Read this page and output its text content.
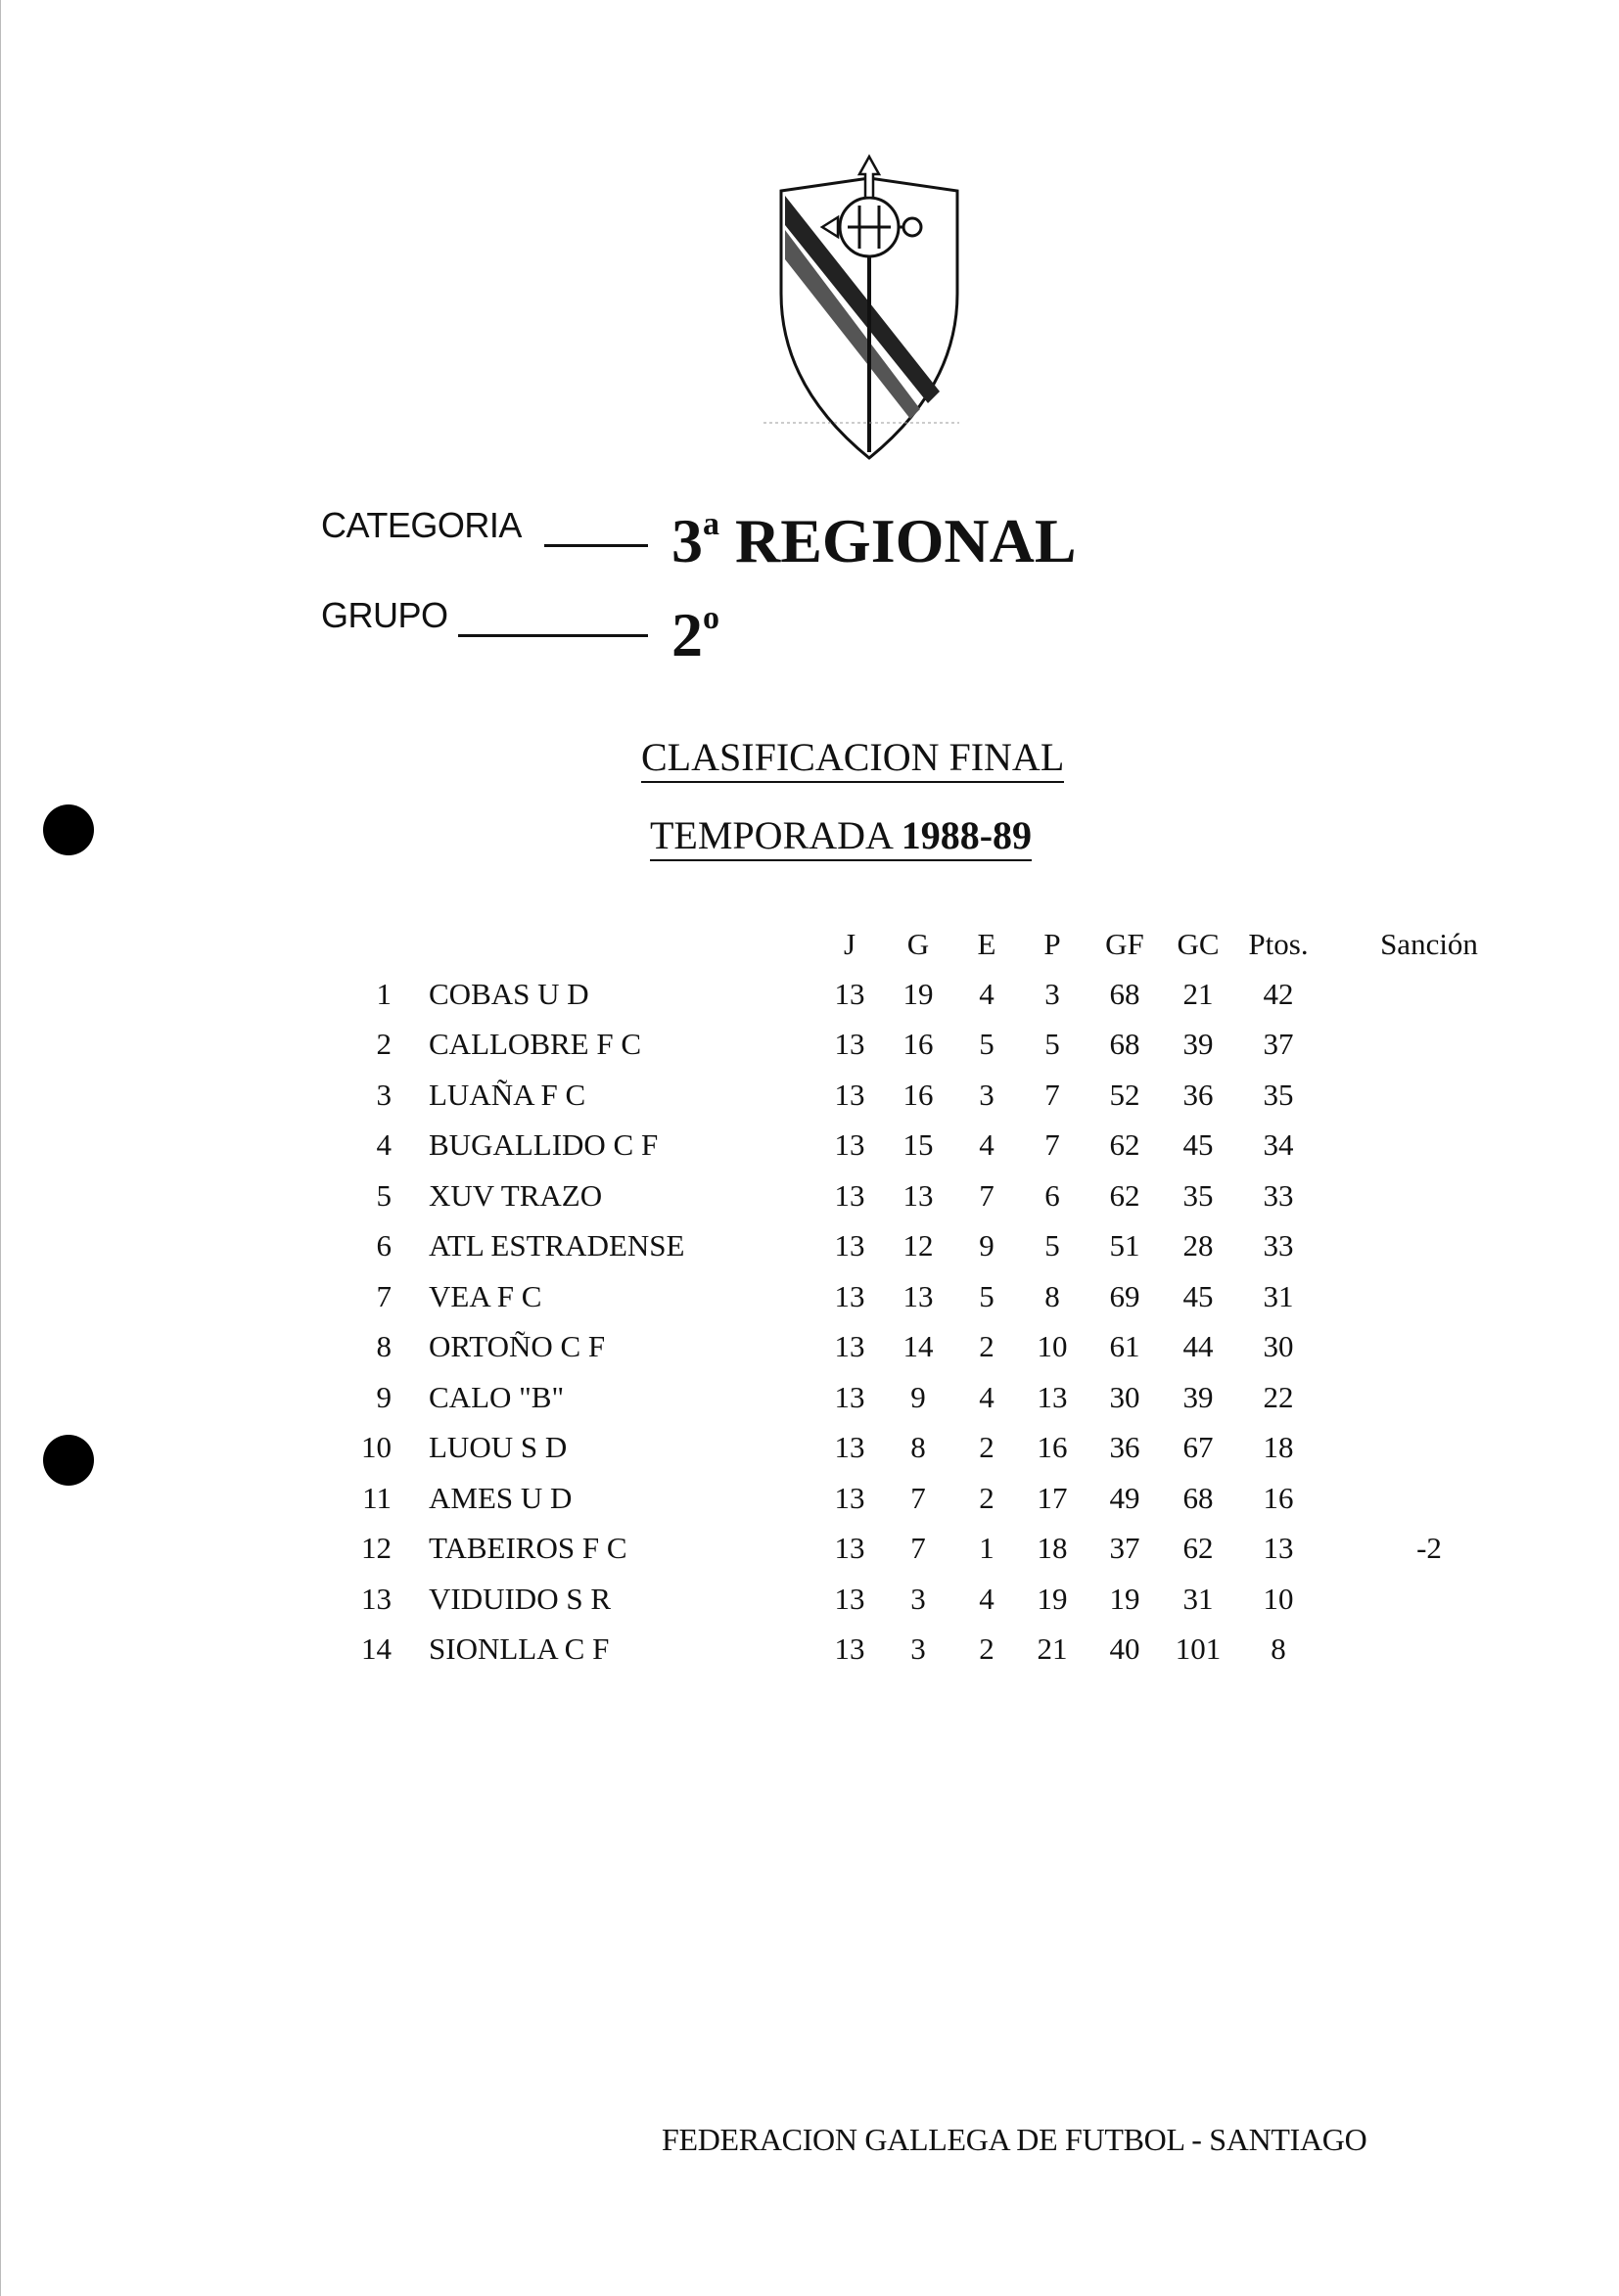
CATEGORIA 3$^a$ REGIONAL
GRUPO	2$^o$
CLASIFICACION FINAL
TEMPORADA 1988-89
		J	G	E	P	GF	GC	Ptos.	Sanción
1	COBAS U D	13	19	4	3	68	21	42	
2	CALLOBRE F C	13	16	5	5	68	39	37	
3	LUAÑA F C	13	16	3	7	52	36	35	
4	BUGALLIDO C F	13	15	4	7	62	45	34	
5	XUV TRAZO	13	13	7	6	62	35	33	
6	ATL ESTRADENSE	13	12	9	5	51	28	33	
7	VEA F C	13	13	5	8	69	45	31	
8	ORTOÑO C F	13	14	2	10	61	44	30	
9	CALO "B"	13	9	4	13	30	39	22	
10	LUOU S D	13	8	2	16	36	67	18	
11	AMES U D	13	7	2	17	49	68	16	
12	TABEIROS F C	13	7	1	18	37	62	13	-2
13	VIDUIDO S R	13	3	4	19	19	31	10	
14	SIONLLA C F	13	3	2	21	40	101	8	
FEDERACION GALLEGA DE FUTBOL - SANTIAGO
